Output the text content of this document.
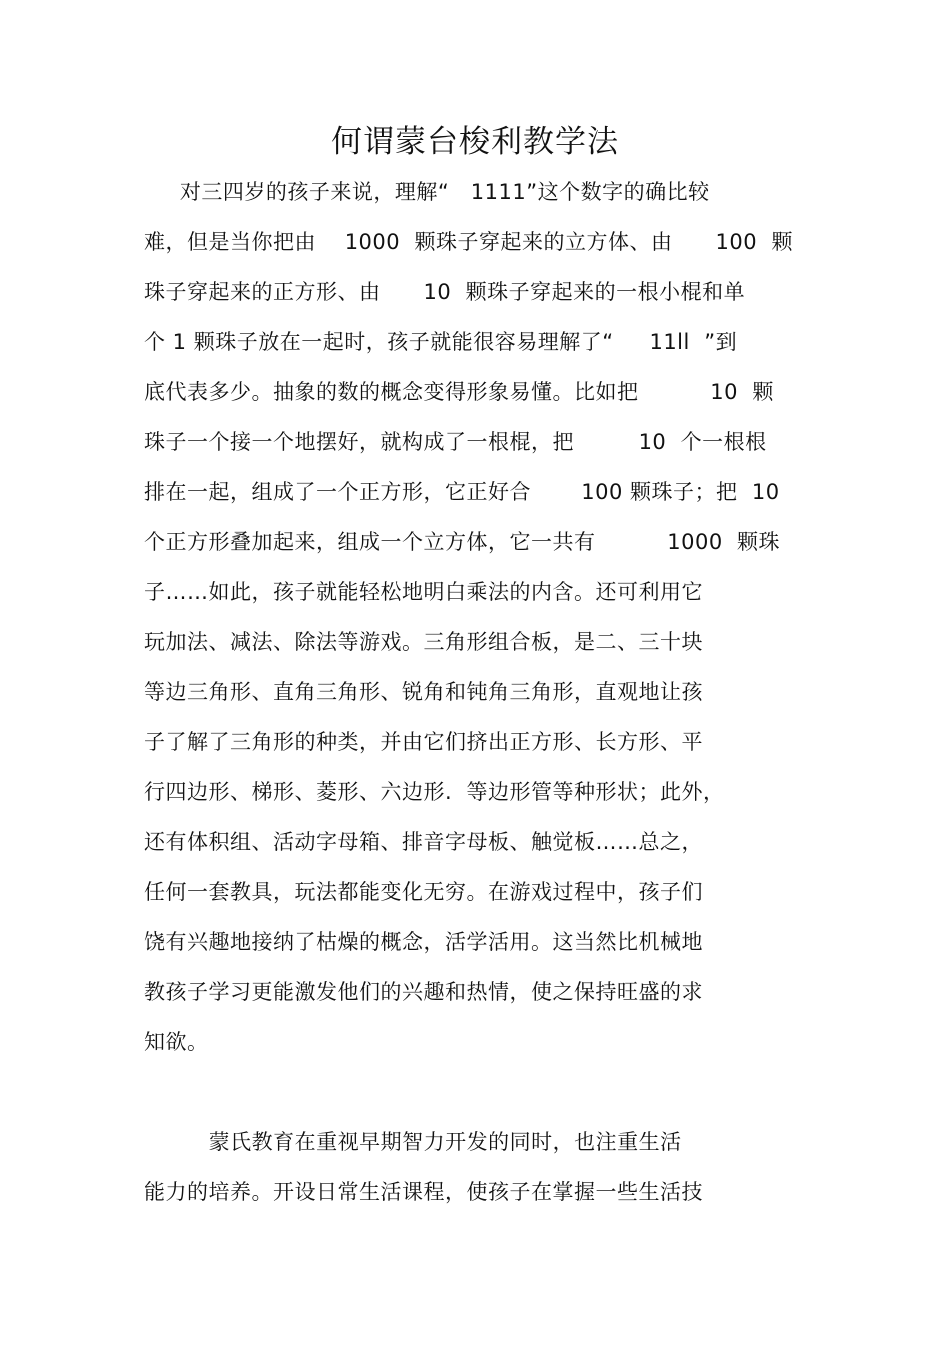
何谓蒙台梭利教学法
对三四岁的孩子来说，理解“   1111”这个数字的确比较
难，但是当你把由    1000  颗珠子穿起来的立方体、由      100  颗
珠子穿起来的正方形、由      10  颗珠子穿起来的一根小棍和单
个 1 颗珠子放在一起时，孩子就能很容易理解了“     11ll  ”到
底代表多少。抽象的数的概念变得形象易懂。比如把          10  颗
珠子一个接一个地摆好，就构成了一根棍，把         10  个一根根
排在一起，组成了一个正方形，它正好合       100 颗珠子；把  10
个正方形叠加起来，组成一个立方体，它一共有          1000  颗珠
子……如此，孩子就能轻松地明白乘法的内含。还可利用它
玩加法、减法、除法等游戏。三角形组合板，是二、三十块
等边三角形、直角三角形、锐角和钝角三角形，直观地让孩
子了解了三角形的种类，并由它们挤出正方形、长方形、平
行四边形、梯形、菱形、六边形.  等边形管等种形状；此外，
还有体积组、活动字母箱、排音字母板、触觉板……总之，
任何一套教具，玩法都能变化无穷。在游戏过程中，孩子们
饶有兴趣地接纳了枯燥的概念，活学活用。这当然比机械地
教孩子学习更能激发他们的兴趣和热情，使之保持旺盛的求
知欲。
蒙氏教育在重视早期智力开发的同时，也注重生活
能力的培养。开设日常生活课程，使孩子在掌握一些生活技
